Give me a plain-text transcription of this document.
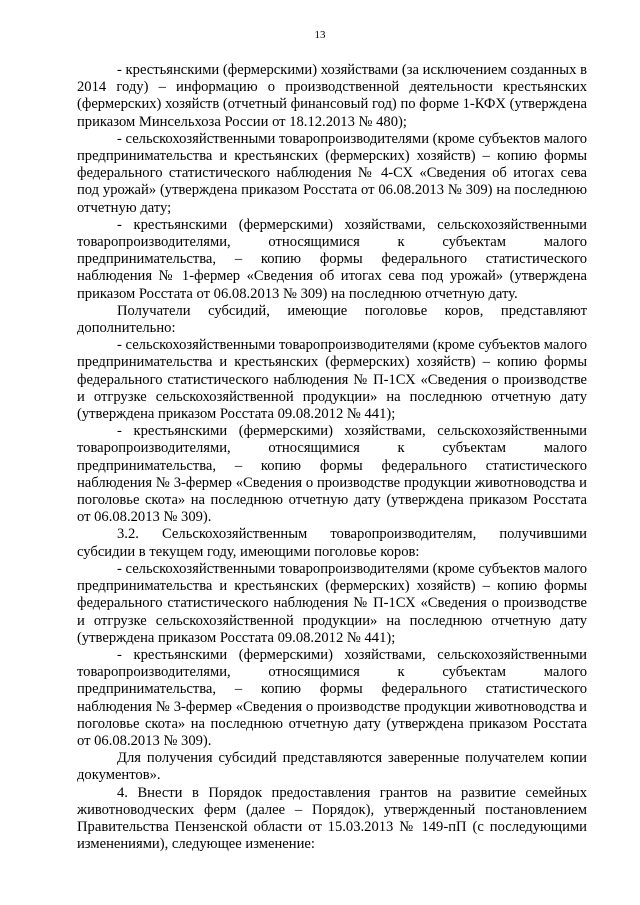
13

- крестьянскими (фермерскими) хозяйствами (за исключением созданных в 2014 году) – информацию о производственной деятельности крестьянских (фермерских) хозяйств (отчетный финансовый год) по форме 1-КФХ (утверждена приказом Минсельхоза России от 18.12.2013 № 480);

- сельскохозяйственными товаропроизводителями (кроме субъектов малого предпринимательства и крестьянских (фермерских) хозяйств) – копию формы федерального статистического наблюдения № 4-СХ «Сведения об итогах сева под урожай» (утверждена приказом Росстата от 06.08.2013 № 309) на последнюю отчетную дату;

- крестьянскими (фермерскими) хозяйствами, сельскохозяйственными товаропроизводителями, относящимися к субъектам малого предпринимательства, – копию формы федерального статистического наблюдения № 1-фермер «Сведения об итогах сева под урожай» (утверждена приказом Росстата от 06.08.2013 № 309) на последнюю отчетную дату.

Получатели субсидий, имеющие поголовье коров, представляют дополнительно:

- сельскохозяйственными товаропроизводителями (кроме субъектов малого предпринимательства и крестьянских (фермерских) хозяйств) – копию формы федерального статистического наблюдения № П-1СХ «Сведения о производстве и отгрузке сельскохозяйственной продукции» на последнюю отчетную дату (утверждена приказом Росстата 09.08.2012 № 441);

- крестьянскими (фермерскими) хозяйствами, сельскохозяйственными товаропроизводителями, относящимися к субъектам малого предпринимательства, – копию формы федерального статистического наблюдения № 3-фермер «Сведения о производстве продукции животноводства и поголовье скота» на последнюю отчетную дату (утверждена приказом Росстата от 06.08.2013 № 309).

3.2. Сельскохозяйственным товаропроизводителям, получившими субсидии в текущем году, имеющими поголовье коров:

- сельскохозяйственными товаропроизводителями (кроме субъектов малого предпринимательства и крестьянских (фермерских) хозяйств) – копию формы федерального статистического наблюдения № П-1СХ «Сведения о производстве и отгрузке сельскохозяйственной продукции» на последнюю отчетную дату (утверждена приказом Росстата 09.08.2012 № 441);

- крестьянскими (фермерскими) хозяйствами, сельскохозяйственными товаропроизводителями, относящимися к субъектам малого предпринимательства, – копию формы федерального статистического наблюдения № 3-фермер «Сведения о производстве продукции животноводства и поголовье скота» на последнюю отчетную дату (утверждена приказом Росстата от 06.08.2013 № 309).

Для получения субсидий представляются заверенные получателем копии документов».

4. Внести в Порядок предоставления грантов на развитие семейных животноводческих ферм (далее – Порядок), утвержденный постановлением Правительства Пензенской области от 15.03.2013 № 149-пП (с последующими изменениями), следующее изменение:
